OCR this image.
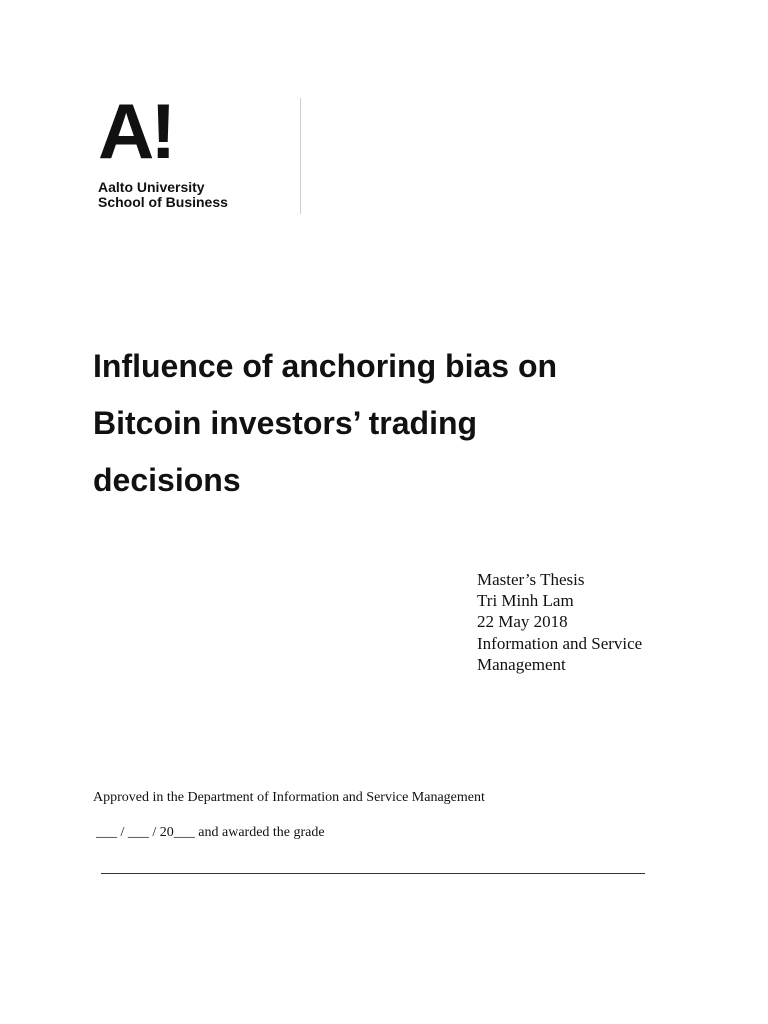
A!
Aalto University
School of Business
Influence of anchoring bias on
Bitcoin investors’ trading
decisions
Master’s Thesis
Tri Minh Lam
22 May 2018
Information and Service
Management
Approved in the Department of Information and Service Management
___ / ___ / 20___ and awarded the grade
